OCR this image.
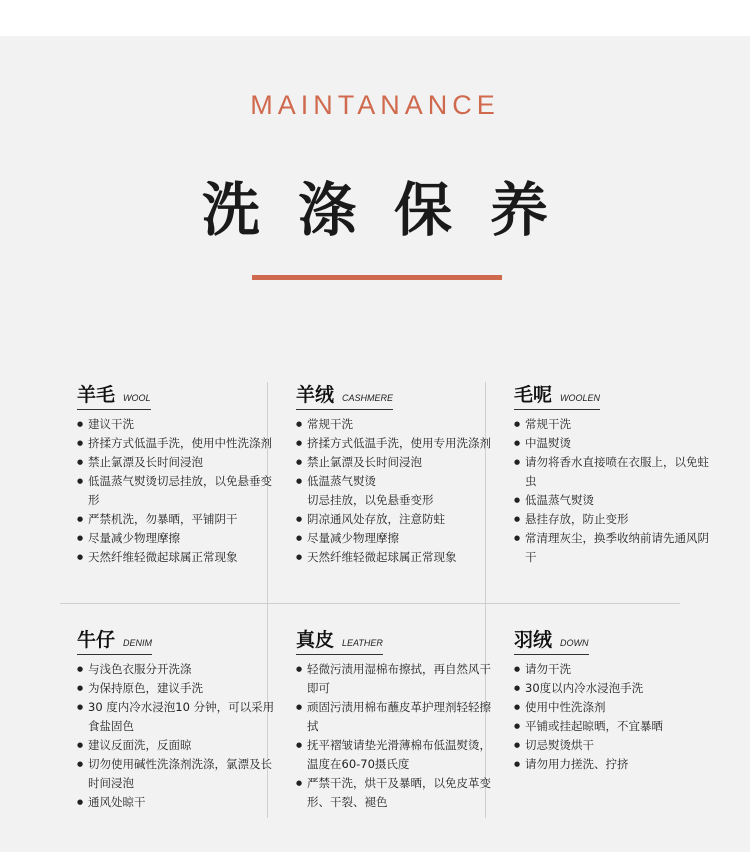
MAINTANANCE
洗涤保养
羊毛 WOOL
● 建议干洗
● 挤揉方式低温手洗，使用中性洗涤剂
● 禁止氯漂及长时间浸泡
● 低温蒸气熨烫切忌挂放，以免悬垂变形
● 严禁机洗，勿暴晒，平铺阴干
● 尽量减少物理摩擦
● 天然纤维轻微起球属正常现象
羊绒 CASHMERE
● 常规干洗
● 挤揉方式低温手洗，使用专用洗涤剂
● 禁止氯漂及长时间浸泡
● 低温蒸气熨烫
切忌挂放，以免悬垂变形
● 阴凉通风处存放，注意防蛀
● 尽量减少物理摩擦
● 天然纤维轻微起球属正常现象
毛呢 WOOLEN
● 常规干洗
● 中温熨烫
● 请勿将香水直接喷在衣服上，以免蛀虫
● 低温蒸气熨烫
● 悬挂存放，防止变形
● 常清理灰尘，换季收纳前请先通风阴干
牛仔 DENIM
● 与浅色衣服分开洗涤
● 为保持原色，建议手洗
● 30 度内冷水浸泡10 分钟，可以采用食盐固色
● 建议反面洗，反面晾
● 切勿使用碱性洗涤剂洗涤，氯漂及长时间浸泡
● 通风处晾干
真皮 LEATHER
● 轻微污渍用湿棉布擦拭，再自然风干即可
● 顽固污渍用棉布蘸皮革护理剂轻轻擦拭
● 抚平褶皱请垫光滑薄棉布低温熨烫，温度在60-70摄氏度
● 严禁干洗，烘干及暴晒，以免皮革变形、干裂、褪色
羽绒 DOWN
● 请勿干洗
● 30度以内冷水浸泡手洗
● 使用中性洗涤剂
● 平铺或挂起晾晒，不宜暴晒
● 切忌熨烫烘干
● 请勿用力搓洗、拧挤
